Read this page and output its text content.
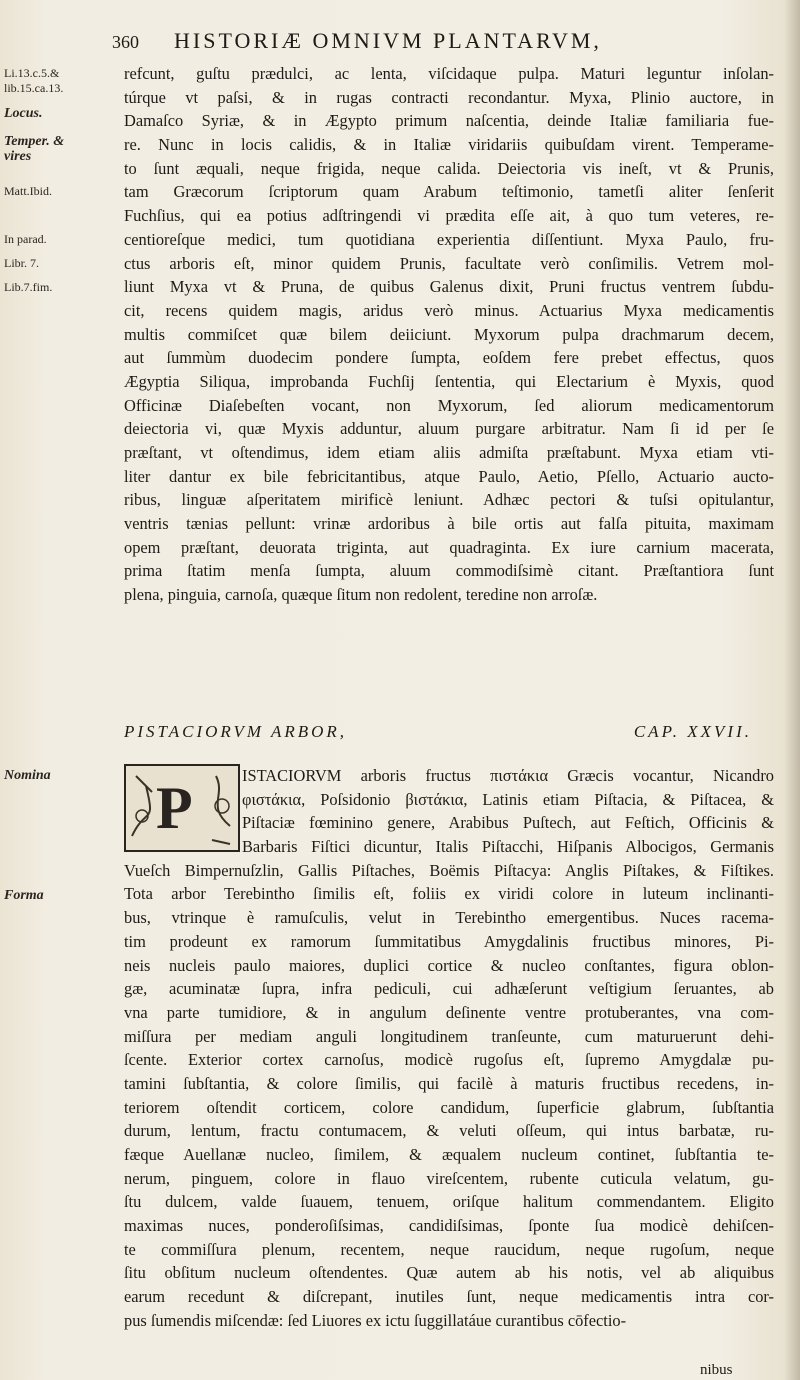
360 HISTORIÆ OMNIVM PLANTARVM,
Li.13.c.5.& lib.15.ca.13.
Locus.
Temper. & vires
Matt.Ibid.
In parad.
Libr. 7.
Lib.7.fim.
Nomina
Forma
refcunt, guſtu prædulci, ac lenta, viſcidaque pulpa. Maturi leguntur inſolan-
túrque vt paſsi, & in rugas contracti recondantur. Myxa, Plinio auctore, in
Damaſco Syriæ, & in Ægypto primum naſcentia, deinde Italiæ familiaria fue-
re. Nunc in locis calidis, & in Italiæ viridariis quibuſdam virent. Temperame-
to ſunt æquali, neque frigida, neque calida. Deiectoria vis ineſt, vt & Prunis,
tam Græcorum ſcriptorum quam Arabum teſtimonio, tametſi aliter ſenſerit
Fuchſius, qui ea potius adſtringendi vi prædita eſſe ait, à quo tum veteres, re-
centioreſque medici, tum quotidiana experientia diſſentiunt. Myxa Paulo, fru-
ctus arboris eſt, minor quidem Prunis, facultate verò conſimilis. Vetrem mol-
liunt Myxa vt & Pruna, de quibus Galenus dixit, Pruni fructus ventrem ſubdu-
cit, recens quidem magis, aridus verò minus. Actuarius Myxa medicamentis
multis commiſcet quæ bilem deiiciunt. Myxorum pulpa drachmarum decem,
aut ſummùm duodecim pondere ſumpta, eoſdem fere prebet effectus, quos
Ægyptia Siliqua, improbanda Fuchſij ſententia, qui Electarium è Myxis, quod
Officinæ Diaſebeſten vocant, non Myxorum, ſed aliorum medicamentorum
deiectoria vi, quæ Myxis adduntur, aluum purgare arbitratur. Nam ſi id per ſe
præſtant, vt oſtendimus, idem etiam aliis admiſta præſtabunt. Myxa etiam vti-
liter dantur ex bile febricitantibus, atque Paulo, Aetio, Pſello, Actuario aucto-
ribus, linguæ aſperitatem mirificè leniunt. Adhæc pectori & tuſsi opitulantur,
ventris tænias pellunt: vrinæ ardoribus à bile ortis aut falſa pituita, maximam
opem præſtant, deuorata triginta, aut quadraginta. Ex iure carnium macerata,
prima ſtatim menſa ſumpta, aluum commodiſsimè citant. Præſtantiora ſunt
plena, pinguia, carnoſa, quæque ſitum non redolent, teredine non arroſæ.
PISTACIORVM ARBOR,	CAP. XXVII.
P	ISTACIORVM arboris fructus πιστάκια Græcis vocantur, Nicandro
φιστάκια, Poſsidonio βιστάκια, Latinis etiam Piſtacia, & Piſtacea, &
Piſtaciæ fœminino genere, Arabibus Puſtech, aut Feſtich, Officinis &
Barbaris Fiſtici dicuntur, Italis Piſtacchi, Hiſpanis Albocigos, Germanis
Vueſch Bimpernuſzlin, Gallis Piſtaches, Boëmis Piſtacya: Anglis Piſtakes, & Fiſtikes.
Tota arbor Terebintho ſimilis eſt, foliis ex viridi colore in luteum inclinanti-
bus, vtrinque è ramuſculis, velut in Terebintho emergentibus. Nuces racema-
tim prodeunt ex ramorum ſummitatibus Amygdalinis fructibus minores, Pi-
neis nucleis paulo maiores, duplici cortice & nucleo conſtantes, figura oblon-
gæ, acuminatæ ſupra, infra pediculi, cui adhæſerunt veſtigium ſeruantes, ab
vna parte tumidiore, & in angulum deſinente ventre protuberantes, vna com-
miſſura per mediam anguli longitudinem tranſeunte, cum maturuerunt dehi-
ſcente. Exterior cortex carnoſus, modicè rugoſus eſt, ſupremo Amygdalæ pu-
tamini ſubſtantia, & colore ſimilis, qui facilè à maturis fructibus recedens, in-
teriorem oſtendit corticem, colore candidum, ſuperficie glabrum, ſubſtantia
durum, lentum, fractu contumacem, & veluti oſſeum, qui intus barbatæ, ru-
fæque Auellanæ nucleo, ſimilem, & æqualem nucleum continet, ſubſtantia te-
nerum, pinguem, colore in flauo vireſcentem, rubente cuticula velatum, gu-
ſtu dulcem, valde ſuauem, tenuem, oriſque halitum commendantem. Eligito
maximas nuces, ponderoſiſsimas, candidiſsimas, ſponte ſua modicè dehiſcen-
te commiſſura plenum, recentem, neque raucidum, neque rugoſum, neque
ſitu obſitum nucleum oſtendentes. Quæ autem ab his notis, vel ab aliquibus
earum recedunt & diſcrepant, inutiles ſunt, neque medicamentis intra cor-
pus ſumendis miſcendæ: ſed Liuores ex ictu ſuggillatáue curantibus cōfectio-
nibus
